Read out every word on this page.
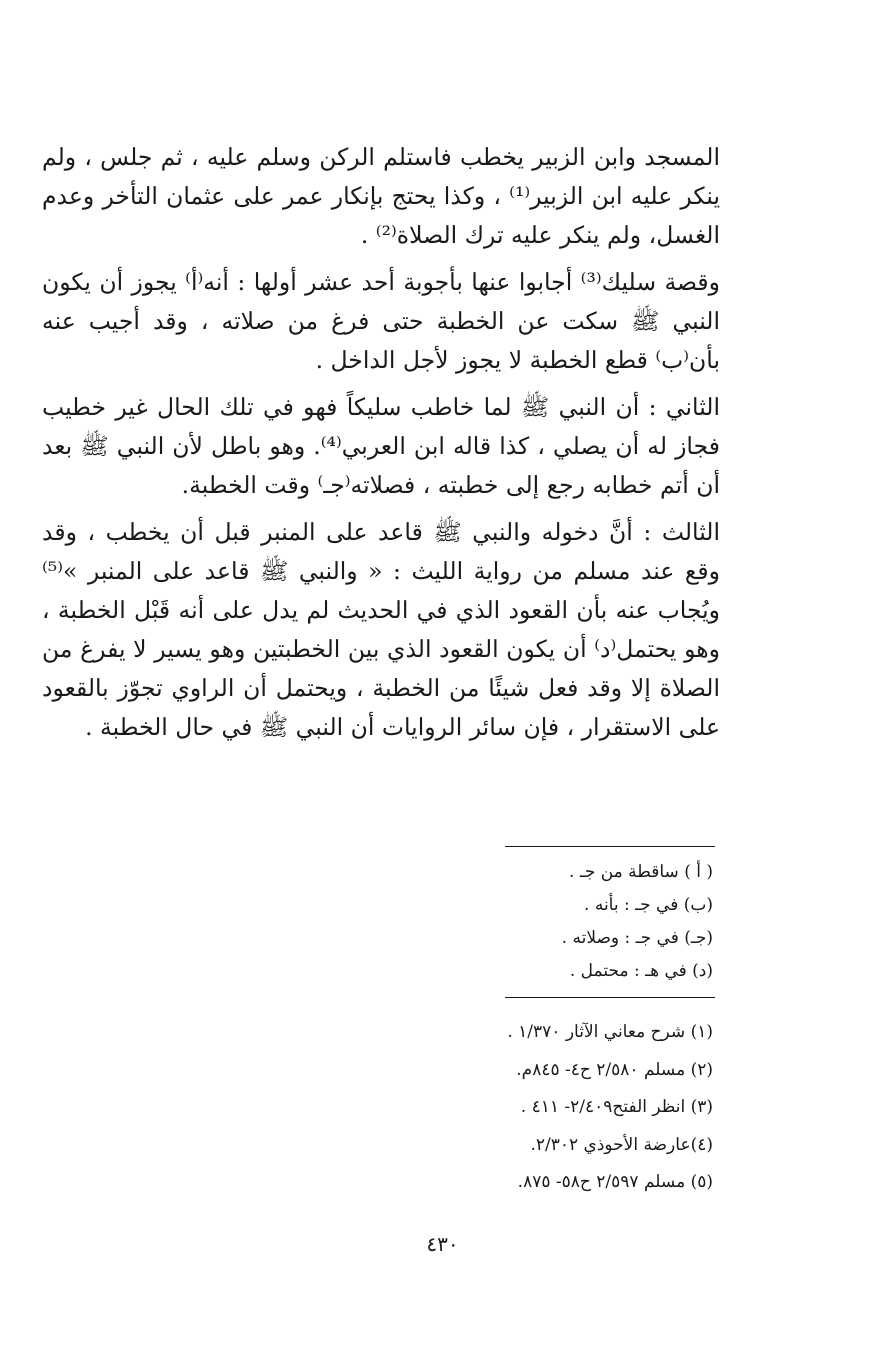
المسجد وابن الزبير يخطب فاستلم الركن وسلم عليه ، ثم جلس ، ولم ينكر عليه ابن الزبير⁽¹⁾ ، وكذا يحتج بإنكار عمر على عثمان التأخر وعدم الغسل، ولم ينكر عليه ترك الصلاة⁽²⁾ .

وقصة سليك⁽³⁾ أجابوا عنها بأجوبة أحد عشر أولها : أنه⁽أ⁾ يجوز أن يكون النبي ﷺ سكت عن الخطبة حتى فرغ من صلاته ، وقد أجيب عنه بأن⁽ب⁾ قطع الخطبة لا يجوز لأجل الداخل .

الثاني : أن النبي ﷺ لما خاطب سليكاً فهو في تلك الحال غير خطيب فجاز له أن يصلي ، كذا قاله ابن العربي⁽⁴⁾. وهو باطل لأن النبي ﷺ بعد أن أتم خطابه رجع إلى خطبته ، فصلاته⁽جـ⁾ وقت الخطبة.

الثالث : أنَّ دخوله والنبي ﷺ قاعد على المنبر قبل أن يخطب ، وقد وقع عند مسلم من رواية الليث : « والنبي ﷺ قاعد على المنبر »⁽⁵⁾ ويُجاب عنه بأن القعود الذي في الحديث لم يدل على أنه قَبْل الخطبة ، وهو يحتمل⁽د⁾ أن يكون القعود الذي بين الخطبتين وهو يسير لا يفرغ من الصلاة إلا وقد فعل شيئًا من الخطبة ، ويحتمل أن الراوي تجوّز بالقعود على الاستقرار ، فإن سائر الروايات أن النبي ﷺ في حال الخطبة .

( أ ) ساقطة من جـ .
(ب) في جـ : بأنه .
(جـ) في جـ : وصلاته .
(د) في هـ : محتمل .
(١) شرح معاني الآثار ١/٣٧٠ .
(٢) مسلم ٢/٥٨٠ ح٤- ٨٤٥م.
(٣) انظر الفتح٢/٤٠٩- ٤١١ .
(٤)عارضة الأحوذي ٢/٣٠٢.
(٥) مسلم ٢/٥٩٧ ح٥٨- ٨٧٥.
٤٣٠
